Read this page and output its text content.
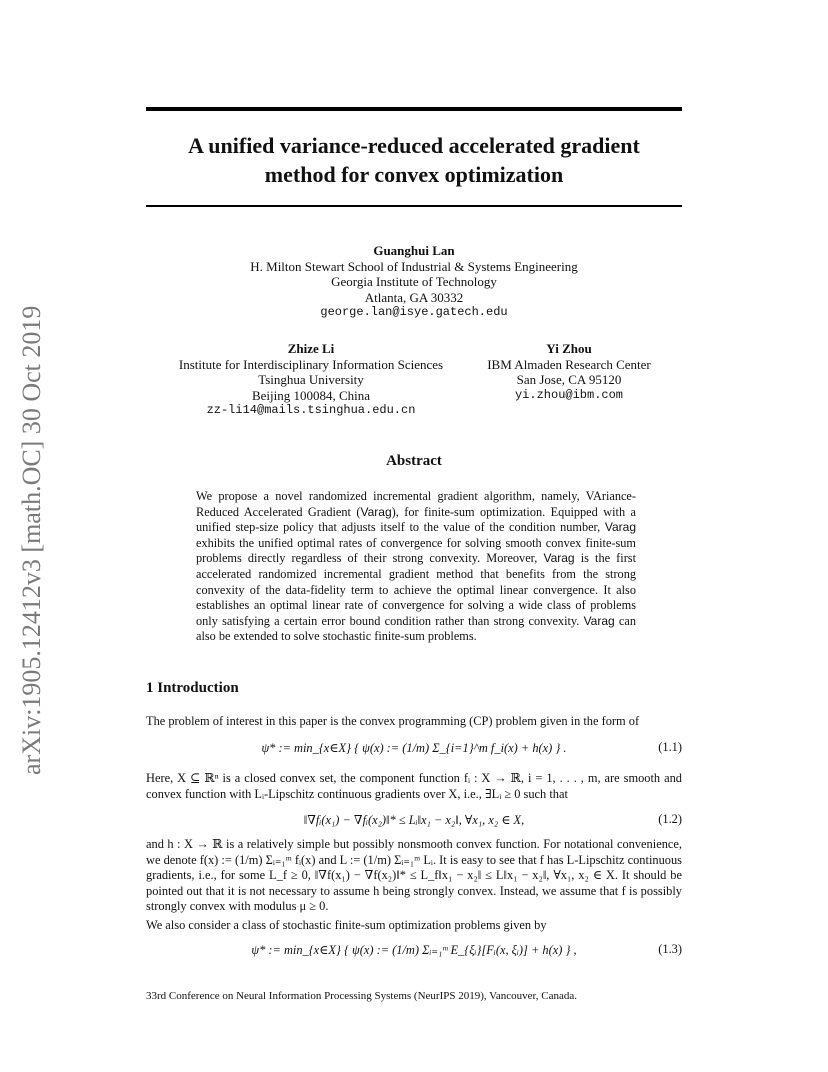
arXiv:1905.12412v3 [math.OC] 30 Oct 2019
A unified variance-reduced accelerated gradient
method for convex optimization
Guanghui Lan
H. Milton Stewart School of Industrial & Systems Engineering
Georgia Institute of Technology
Atlanta, GA 30332
george.lan@isye.gatech.edu
Zhize Li
Institute for Interdisciplinary Information Sciences
Tsinghua University
Beijing 100084, China
zz-li14@mails.tsinghua.edu.cn
Yi Zhou
IBM Almaden Research Center
San Jose, CA 95120
yi.zhou@ibm.com
Abstract
We propose a novel randomized incremental gradient algorithm, namely, VAriance-Reduced Accelerated Gradient (Varag), for finite-sum optimization. Equipped with a unified step-size policy that adjusts itself to the value of the condition number, Varag exhibits the unified optimal rates of convergence for solving smooth convex finite-sum problems directly regardless of their strong convexity. Moreover, Varag is the first accelerated randomized incremental gradient method that benefits from the strong convexity of the data-fidelity term to achieve the optimal linear convergence. It also establishes an optimal linear rate of convergence for solving a wide class of problems only satisfying a certain error bound condition rather than strong convexity. Varag can also be extended to solve stochastic finite-sum problems.
1 Introduction
The problem of interest in this paper is the convex programming (CP) problem given in the form of
ψ* := min_{x∈X} { ψ(x) := (1/m) Σ_{i=1}^m f_i(x) + h(x) } .	(1.1)
Here, X ⊆ ℝⁿ is a closed convex set, the component function fᵢ : X → ℝ, i = 1, . . . , m, are smooth and convex function with Lᵢ-Lipschitz continuous gradients over X, i.e., ∃Lᵢ ≥ 0 such that
‖∇fᵢ(x₁) − ∇fᵢ(x₂)‖* ≤ Lᵢ‖x₁ − x₂‖, ∀x₁, x₂ ∈ X,	(1.2)
and h : X → ℝ is a relatively simple but possibly nonsmooth convex function. For notational convenience, we denote f(x) := (1/m) Σᵢ₌₁ᵐ fᵢ(x) and L := (1/m) Σᵢ₌₁ᵐ Lᵢ. It is easy to see that f has L-Lipschitz continuous gradients, i.e., for some L_f ≥ 0, ‖∇f(x₁) − ∇f(x₂)‖* ≤ L_f‖x₁ − x₂‖ ≤ L‖x₁ − x₂‖, ∀x₁, x₂ ∈ X. It should be pointed out that it is not necessary to assume h being strongly convex. Instead, we assume that f is possibly strongly convex with modulus μ ≥ 0.
We also consider a class of stochastic finite-sum optimization problems given by
ψ* := min_{x∈X} { ψ(x) := (1/m) Σᵢ₌₁ᵐ E_{ξᵢ}[Fᵢ(x, ξᵢ)] + h(x) } ,	(1.3)
33rd Conference on Neural Information Processing Systems (NeurIPS 2019), Vancouver, Canada.
